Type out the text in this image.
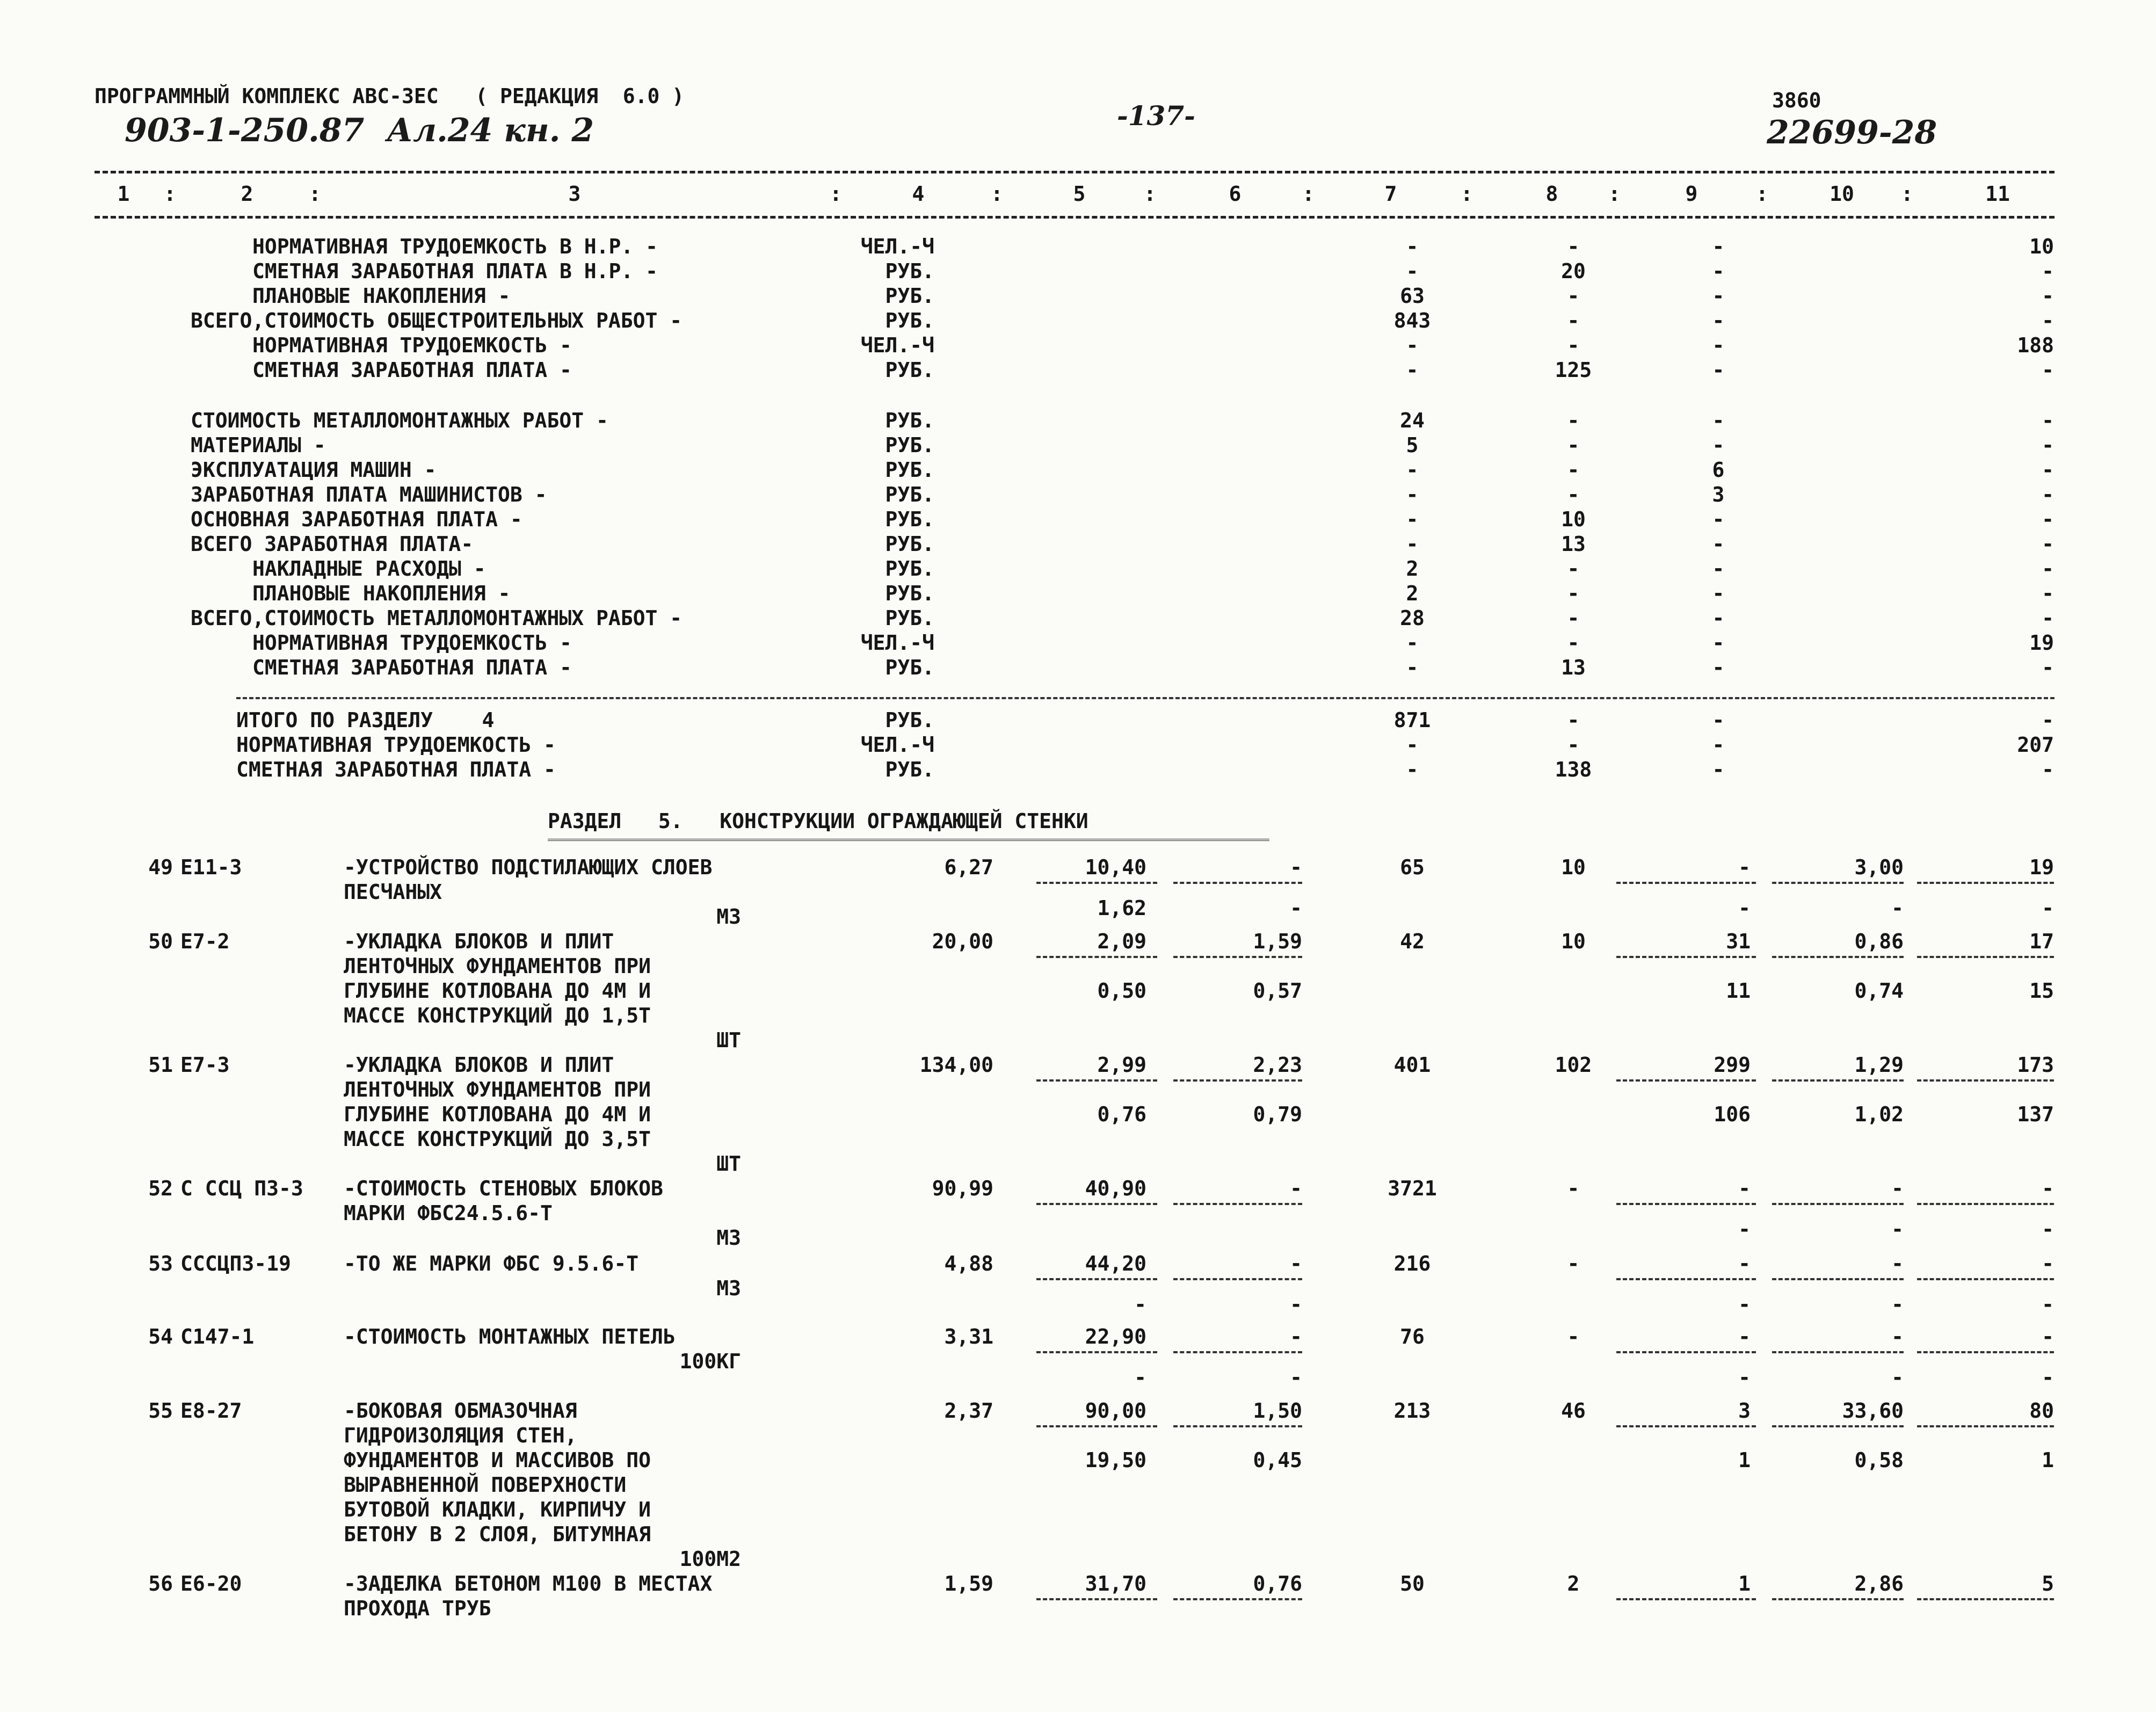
ПРОГРАММНЫЙ КОМПЛЕКС АВС-3ЕС   ( РЕДАКЦИЯ  6.0 )
903-1-250.87  Ал.24 кн. 2	-137-	3860
22699-28
1	2	3	4	5	6	7	8	9	10	11
:	:	:	:	:	:	:	:	:	:
НОРМАТИВНАЯ ТРУДОЕМКОСТЬ В Н.Р. -	ЧЕЛ.-Ч	-	-	-	10
СМЕТНАЯ ЗАРАБОТНАЯ ПЛАТА В Н.Р. -	РУБ.	-	20	-	-
ПЛАНОВЫЕ НАКОПЛЕНИЯ -	РУБ.	63	-	-	-
ВСЕГО,СТОИМОСТЬ ОБЩЕСТРОИТЕЛЬНЫХ РАБОТ -	РУБ.	843	-	-	-
НОРМАТИВНАЯ ТРУДОЕМКОСТЬ -	ЧЕЛ.-Ч	-	-	-	188
СМЕТНАЯ ЗАРАБОТНАЯ ПЛАТА -	РУБ.	-	125	-	-
СТОИМОСТЬ МЕТАЛЛОМОНТАЖНЫХ РАБОТ -	РУБ.	24	-	-	-
МАТЕРИАЛЫ -	РУБ.	5	-	-	-
ЭКСПЛУАТАЦИЯ МАШИН -	РУБ.	-	-	6	-
ЗАРАБОТНАЯ ПЛАТА МАШИНИСТОВ -	РУБ.	-	-	3	-
ОСНОВНАЯ ЗАРАБОТНАЯ ПЛАТА -	РУБ.	-	10	-	-
ВСЕГО ЗАРАБОТНАЯ ПЛАТА-	РУБ.	-	13	-	-
НАКЛАДНЫЕ РАСХОДЫ -	РУБ.	2	-	-	-
ПЛАНОВЫЕ НАКОПЛЕНИЯ -	РУБ.	2	-	-	-
ВСЕГО,СТОИМОСТЬ МЕТАЛЛОМОНТАЖНЫХ РАБОТ -	РУБ.	28	-	-	-
НОРМАТИВНАЯ ТРУДОЕМКОСТЬ -	ЧЕЛ.-Ч	-	-	-	19
СМЕТНАЯ ЗАРАБОТНАЯ ПЛАТА -	РУБ.	-	13	-	-
ИТОГО ПО РАЗДЕЛУ    4	РУБ.	871	-	-	-
НОРМАТИВНАЯ ТРУДОЕМКОСТЬ -	ЧЕЛ.-Ч	-	-	-	207
СМЕТНАЯ ЗАРАБОТНАЯ ПЛАТА -	РУБ.	-	138	-	-
РАЗДЕЛ   5.   КОНСТРУКЦИИ ОГРАЖДАЮЩЕЙ СТЕНКИ
49 Е11-3	-УСТРОЙСТВО ПОДСТИЛАЮЩИХ СЛОЕВ
ПЕСЧАНЫХ
М3
6,27	10,40	-	65	10	-	3,00	19
1,62	-	-	-	-
50 Е7-2	-УКЛАДКА БЛОКОВ И ПЛИТ
ЛЕНТОЧНЫХ ФУНДАМЕНТОВ ПРИ
ГЛУБИНЕ КОТЛОВАНА ДО 4М И
МАССЕ КОНСТРУКЦИЙ ДО 1,5Т
ШТ
20,00	2,09	1,59	42	10	31	0,86	17
0,50	0,57	11	0,74	15
51 Е7-3	-УКЛАДКА БЛОКОВ И ПЛИТ
ЛЕНТОЧНЫХ ФУНДАМЕНТОВ ПРИ
ГЛУБИНЕ КОТЛОВАНА ДО 4М И
МАССЕ КОНСТРУКЦИЙ ДО 3,5Т
ШТ
134,00	2,99	2,23	401	102	299	1,29	173
0,76	0,79	106	1,02	137
52 С ССЦ П3-3 -СТОИМОСТЬ СТЕНОВЫХ БЛОКОВ
МАРКИ ФБС24.5.6-Т
М3
90,99	40,90	-	3721	-	-	-	-
-	-	-
53 СССЦП3-19	-ТО ЖЕ МАРКИ ФБС 9.5.6-Т
М3
4,88	44,20	-	216	-	-	-	-
-	-	-	-	-
54 С147-1	-СТОИМОСТЬ МОНТАЖНЫХ ПЕТЕЛЬ
100КГ
3,31	22,90	-	76	-	-	-	-
-	-	-	-	-
55 Е8-27	-БОКОВАЯ ОБМАЗОЧНАЯ
ГИДРОИЗОЛЯЦИЯ СТЕН,
ФУНДАМЕНТОВ И МАССИВОВ ПО
ВЫРАВНЕННОЙ ПОВЕРХНОСТИ
БУТОВОЙ КЛАДКИ, КИРПИЧУ И
БЕТОНУ В 2 СЛОЯ, БИТУМНАЯ
100М2
2,37	90,00	1,50	213	46	3	33,60	80
19,50	0,45	1	0,58	1
56 Е6-20	-ЗАДЕЛКА БЕТОНОМ М100 В МЕСТАХ
ПРОХОДА ТРУБ
1,59	31,70	0,76	50	2	1	2,86	5
